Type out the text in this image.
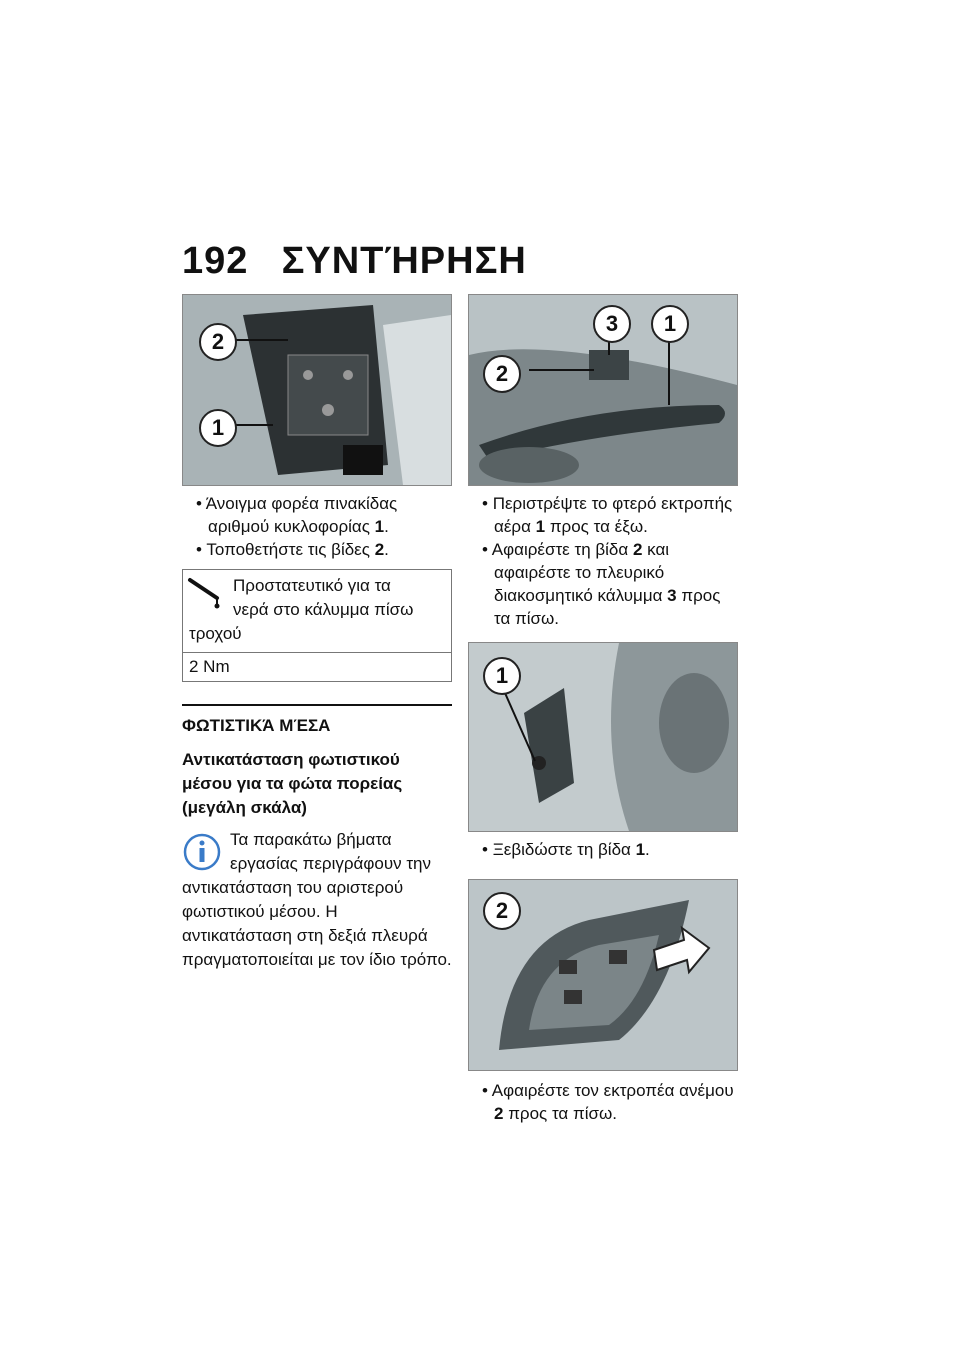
192 ΣΥΝΤΉΡΗΣΗ
2
1

• Άνοιγμα φορέα πινακίδας αριθμού κυκλοφορίας 1.

• Τοποθετήστε τις βίδες 2.

Προστατευτικό για τα
νερά στο κάλυμμα πίσω
τροχού
2 Nm
ΦΩΤΙΣΤΙΚΆ ΜΈΣΑ
Αντικατάσταση φωτιστικού μέσου για τα φώτα πορείας (μεγάλη σκάλα)
Τα παρακάτω βήματα εργασίας περιγράφουν την
αντικατάσταση του αριστερού φωτιστικού μέσου. Η αντικατάσταση στη δεξιά πλευρά πραγματοποιείται με τον ίδιο τρόπο.
3	1
2

• Περιστρέψτε το φτερό εκτροπής αέρα 1 προς τα έξω.

• Αφαιρέστε τη βίδα 2 και αφαιρέστε το πλευρικό διακοσμητικό κάλυμμα 3 προς τα πίσω.

1

• Ξεβιδώστε τη βίδα 1.

2

• Αφαιρέστε τον εκτροπέα ανέμου 2 προς τα πίσω.
